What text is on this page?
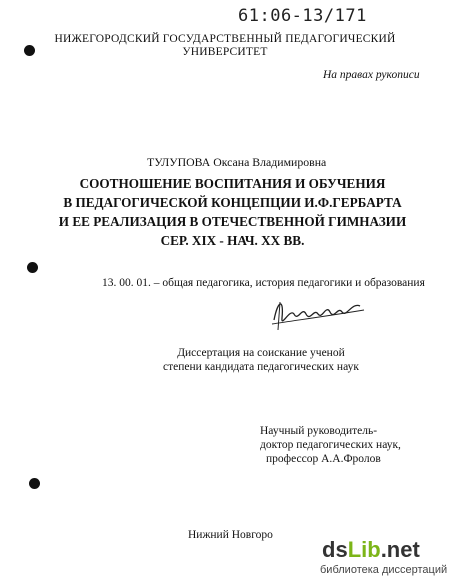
61:06-13/171
НИЖЕГОРОДСКИЙ ГОСУДАРСТВЕННЫЙ ПЕДАГОГИЧЕСКИЙ
УНИВЕРСИТЕТ
На правах рукописи
ТУЛУПОВА Оксана Владимировна
СООТНОШЕНИЕ ВОСПИТАНИЯ И ОБУЧЕНИЯ
В ПЕДАГОГИЧЕСКОЙ КОНЦЕПЦИИ И.Ф.ГЕРБАРТА
И ЕЕ РЕАЛИЗАЦИЯ В ОТЕЧЕСТВЕННОЙ ГИМНАЗИИ
СЕР. XIX - НАЧ. XX ВВ.
13. 00. 01. – общая педагогика, история педагогики и образования
Диссертация на соискание ученой
степени кандидата педагогических наук
Научный руководитель-
доктор педагогических наук,
профессор А.А.Фролов
Нижний Новгоро
dsLib.net
библиотека диссертаций
